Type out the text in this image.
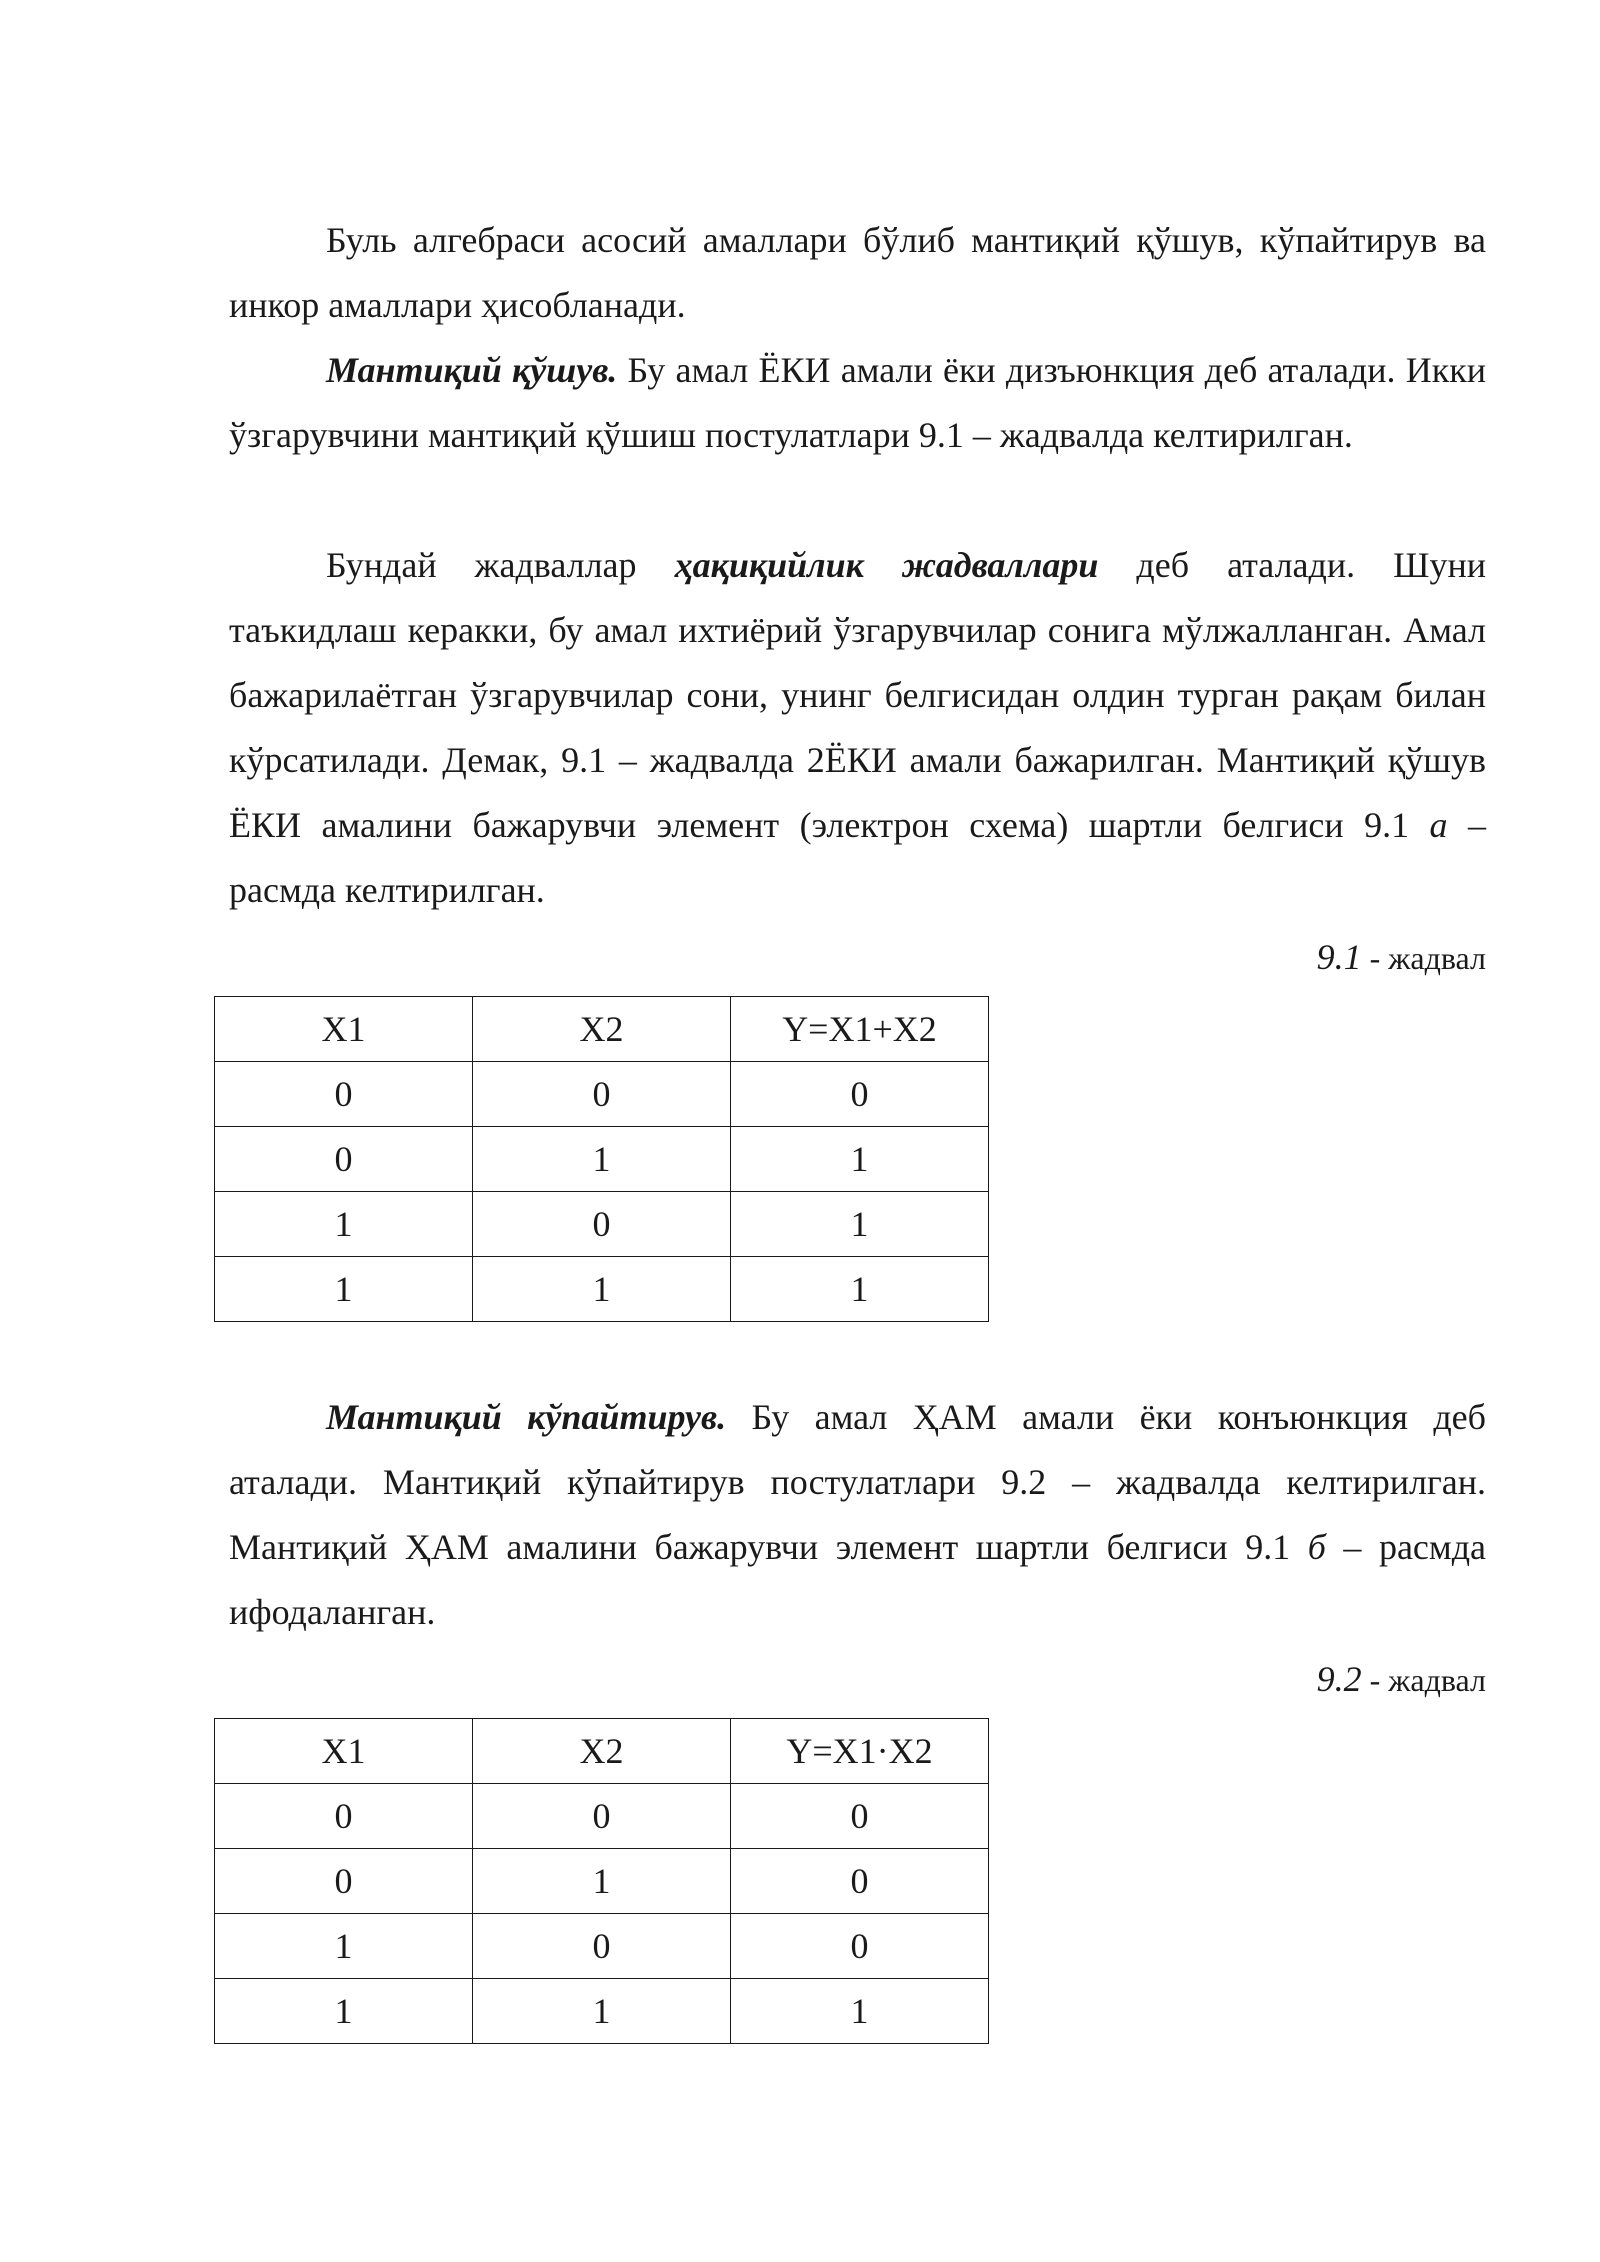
Буль алгебраси асосий амаллари бўлиб мантиқий қўшув, кўпайтирув ва инкор амаллари ҳисобланади.

Мантиқий қўшув. Бу амал ЁКИ амали ёки дизъюнкция деб аталади. Икки ўзгарувчини мантиқий қўшиш постулатлари 9.1 – жадвалда келтирилган.

Бундай жадваллар ҳақиқийлик жадваллари деб аталади. Шуни таъкидлаш керакки, бу амал ихтиёрий ўзгарувчилар сонига мўлжалланган. Амал бажарилаётган ўзгарувчилар сони, унинг белгисидан олдин турган рақам билан кўрсатилади. Демак, 9.1 – жадвалда 2ЁКИ амали бажарилган. Мантиқий қўшув ЁКИ амалини бажарувчи элемент (электрон схема) шартли белгиси 9.1 а – расмда келтирилган.

9.1 - жадвал
X1	X2	Y=X1+X2
0	0	0
0	1	1
1	0	1
1	1	1

Мантиқий кўпайтирув. Бу амал ҲАМ амали ёки конъюнкция деб аталади. Мантиқий кўпайтирув постулатлари 9.2 – жадвалда келтирилган. Мантиқий ҲАМ амалини бажарувчи элемент шартли белгиси 9.1 б – расмда ифодаланган.

9.2 - жадвал
X1	X2	Y=X1·X2
0	0	0
0	1	0
1	0	0
1	1	1
